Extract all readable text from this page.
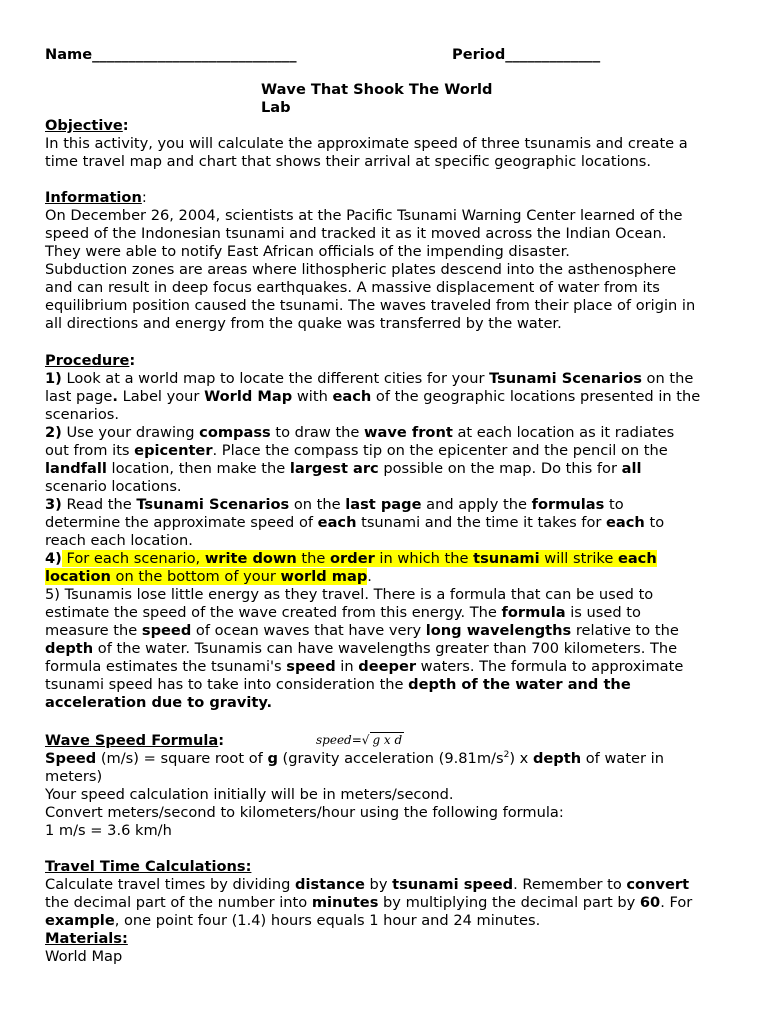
Name____________________________	Period_____________
Wave That Shook The World
Lab
Objective:
In this activity, you will calculate the approximate speed of three tsunamis and create a
time travel map and chart that shows their arrival at specific geographic locations.
Information:
On December 26, 2004, scientists at the Pacific Tsunami Warning Center learned of the
speed of the Indonesian tsunami and tracked it as it moved across the Indian Ocean.
They were able to notify East African officials of the impending disaster.
Subduction zones are areas where lithospheric plates descend into the asthenosphere
and can result in deep focus earthquakes. A massive displacement of water from its
equilibrium position caused the tsunami. The waves traveled from their place of origin in
all directions and energy from the quake was transferred by the water.
Procedure:
1) Look at a world map to locate the different cities for your Tsunami Scenarios on the
last page. Label your World Map with each of the geographic locations presented in the
scenarios.
2) Use your drawing compass to draw the wave front at each location as it radiates
out from its epicenter. Place the compass tip on the epicenter and the pencil on the
landfall location, then make the largest arc possible on the map. Do this for all
scenario locations.
3) Read the Tsunami Scenarios on the last page and apply the formulas to
determine the approximate speed of each tsunami and the time it takes for each to
reach each location.
4) For each scenario, write down the order in which the tsunami will strike each
location on the bottom of your world map.
5) Tsunamis lose little energy as they travel. There is a formula that can be used to
estimate the speed of the wave created from this energy. The formula is used to
measure the speed of ocean waves that have very long wavelengths relative to the
depth of the water. Tsunamis can have wavelengths greater than 700 kilometers. The
formula estimates the tsunami's speed in deeper waters. The formula to approximate
tsunami speed has to take into consideration the depth of the water and the
acceleration due to gravity.
Wave Speed Formula:	speed=√ g x d
Speed (m/s) = square root of g (gravity acceleration $(9.81m/s^2)$ x depth of water in
meters)
Your speed calculation initially will be in meters/second.
Convert meters/second to kilometers/hour using the following formula:
1 m/s = 3.6 km/h
Travel Time Calculations:
Calculate travel times by dividing distance by tsunami speed. Remember to convert
the decimal part of the number into minutes by multiplying the decimal part by 60. For
example, one point four (1.4) hours equals 1 hour and 24 minutes.
Materials:
World Map
